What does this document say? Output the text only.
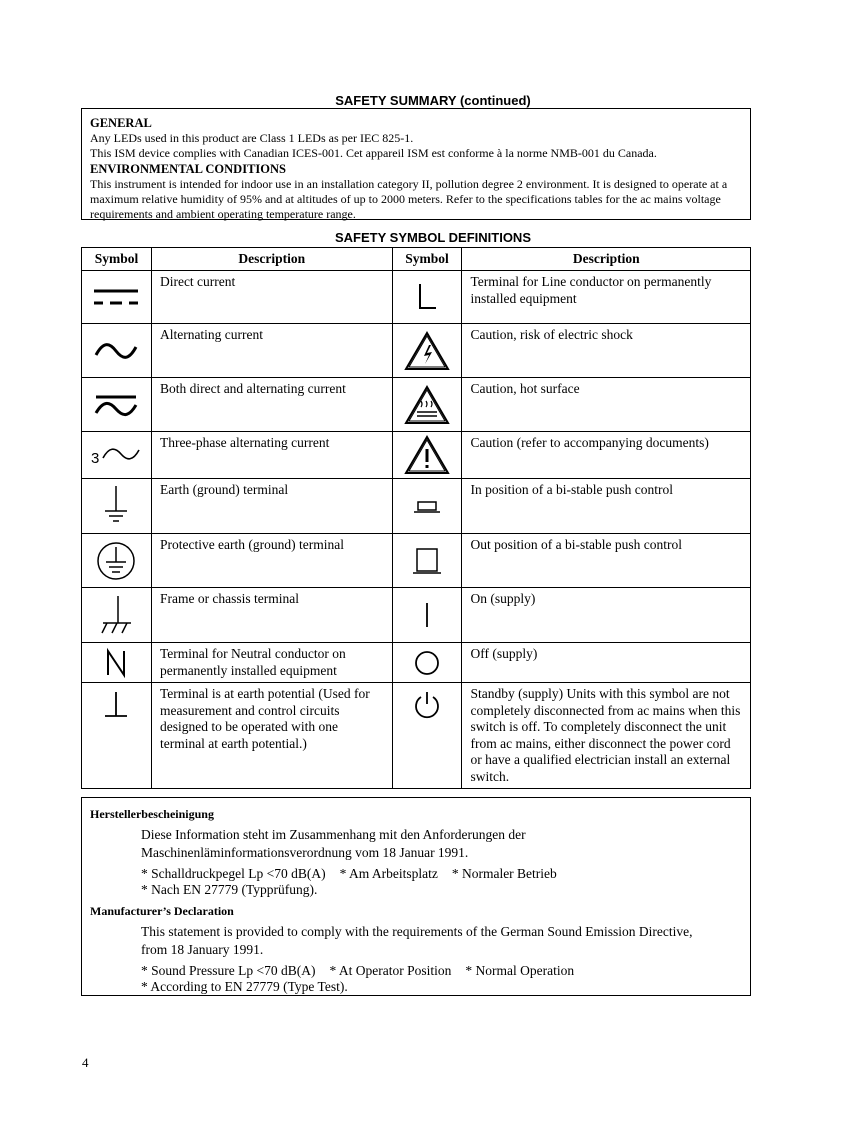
SAFETY SUMMARY (continued)
GENERAL
Any LEDs used in this product are Class 1 LEDs as per IEC 825-1.
This ISM device complies with Canadian ICES-001. Cet appareil ISM est conforme à la norme NMB-001 du Canada.
ENVIRONMENTAL CONDITIONS
This instrument is intended for indoor use in an installation category II, pollution degree 2 environment. It is designed to operate at a maximum relative humidity of 95% and at altitudes of up to 2000 meters. Refer to the specifications tables for the ac mains voltage requirements and ambient operating temperature range.
SAFETY SYMBOL DEFINITIONS
Symbol	Description	Symbol	Description

	Direct current		Terminal for Line conductor on permanently installed equipment

	Alternating current		Caution, risk of electric shock

	Both direct and alternating current		Caution, hot surface

3	Three-phase alternating current		Caution (refer to accompanying documents)

	Earth (ground) terminal		In position of a bi-stable push control

	Protective earth (ground) terminal		Out position of a bi-stable push control

	Frame or chassis terminal		On (supply)

	Terminal for Neutral conductor on permanently installed equipment		Off (supply)

	Terminal is at earth potential (Used for measurement and control circuits designed to be operated with one terminal at earth potential.)		Standby (supply) Units with this symbol are not completely disconnected from ac mains when this switch is off. To completely disconnect the unit from ac mains, either disconnect the power cord or have a qualified electrician install an external switch.
Herstellerbescheinigung
Diese Information steht im Zusammenhang mit den Anforderungen der
Maschinenläminformationsverordnung vom 18 Januar 1991.
* Schalldruckpegel Lp <70 dB(A) * Am Arbeitsplatz * Normaler Betrieb
* Nach EN 27779 (Typprüfung).
Manufacturer’s Declaration
This statement is provided to comply with the requirements of the German Sound Emission Directive,
from 18 January 1991.
* Sound Pressure Lp <70 dB(A) * At Operator Position * Normal Operation
* According to EN 27779 (Type Test).
4
